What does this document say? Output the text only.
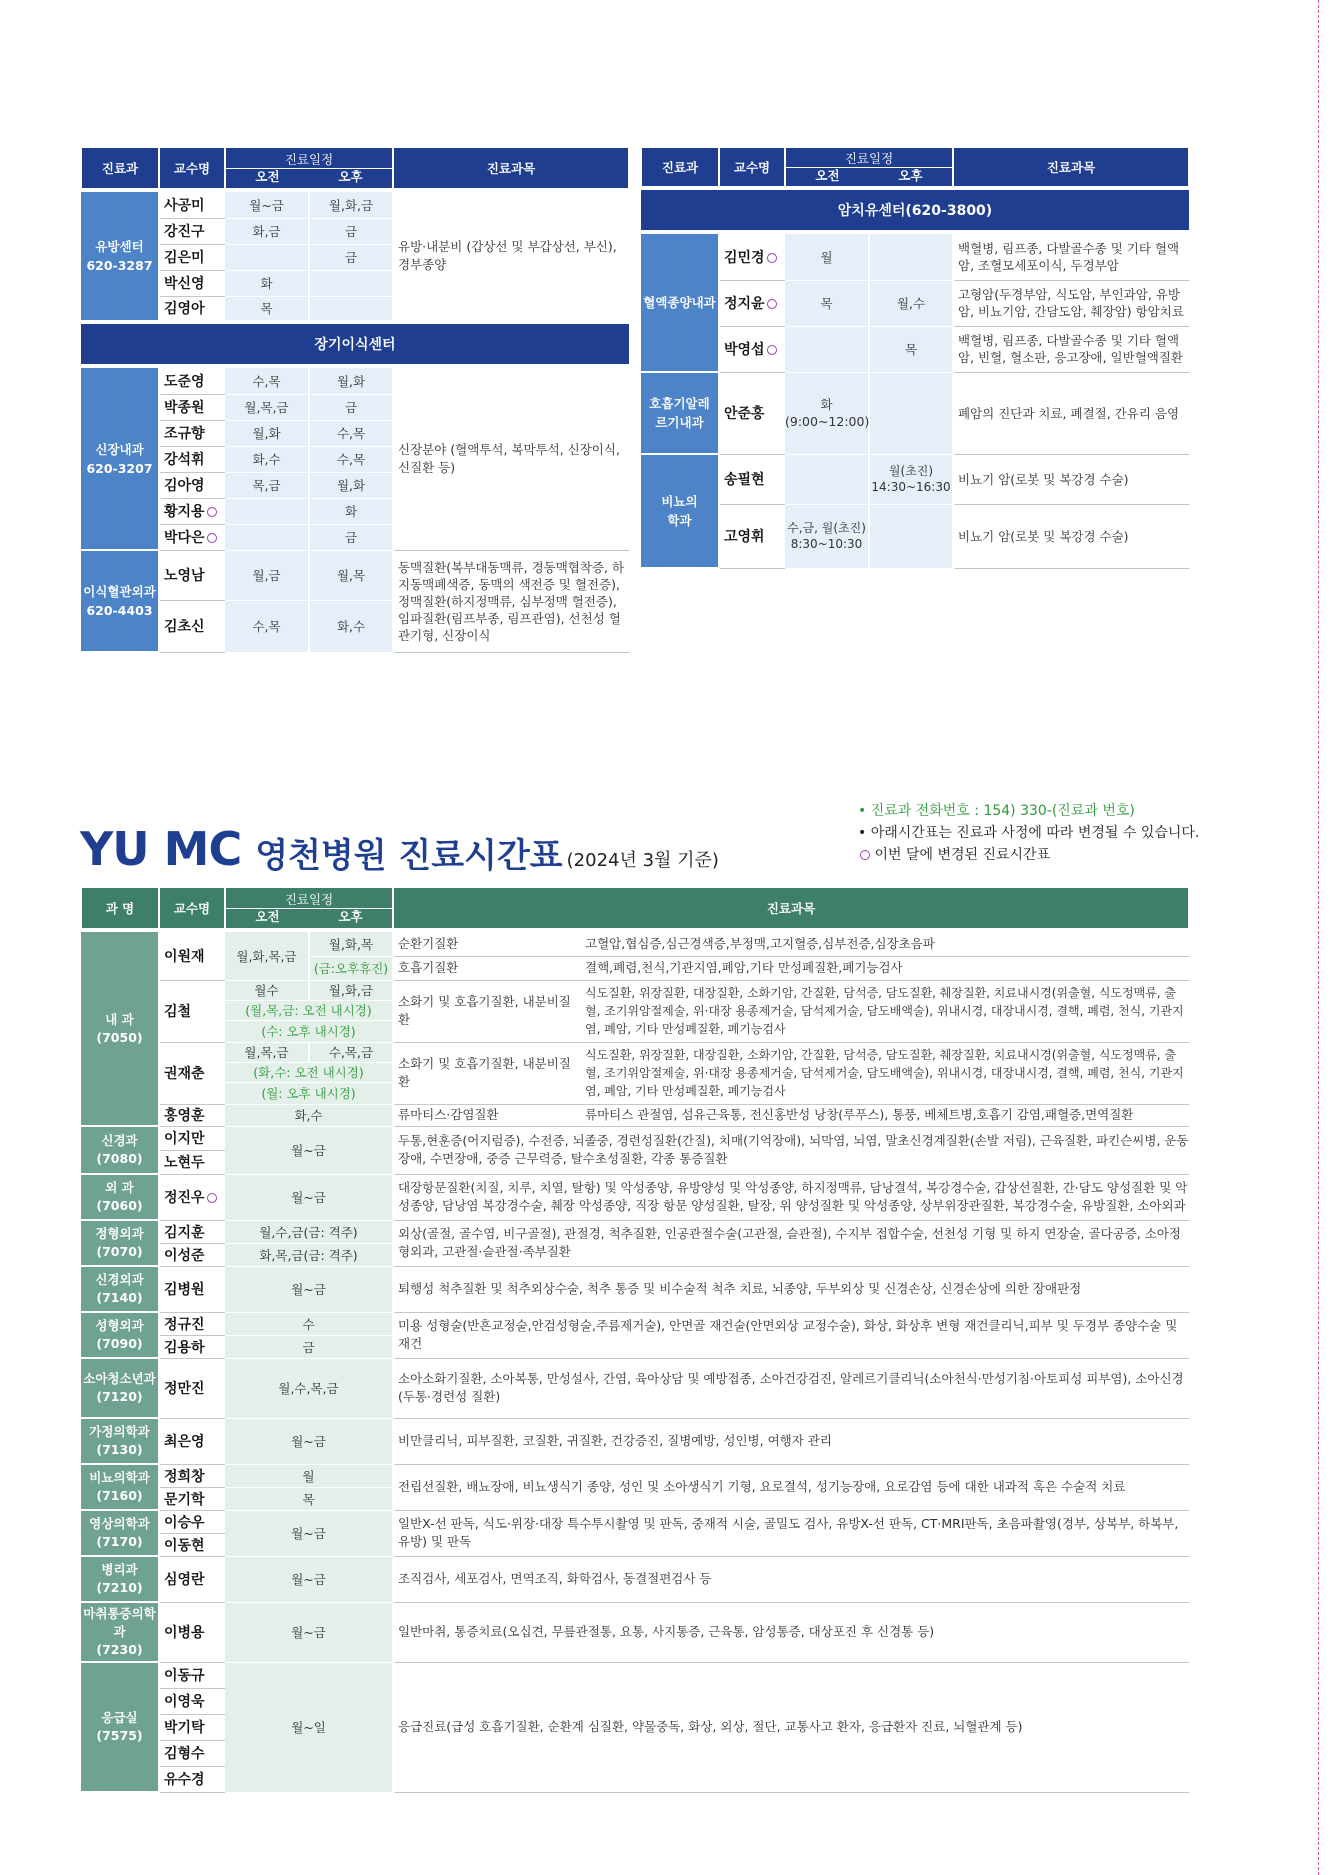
진료과	교수명	진료일정
오전 오후		진료과목

유방센터
620-3287	사공미	월~금	월,화,금	유방·내분비 (갑상선 및 부갑상선, 부신), 경부종양
	강진구	화,금	금	
	김은미		금	
	박신영	화		
	김영아	목		
장기이식센터				

신장내과
620-3207	도준영	수,목	월,화	신장분야 (혈액투석, 복막투석, 신장이식, 신질환 등)
	박종원	월,목,금	금	
	조규향	월,화	수,목	
	강석휘	화,수	수,목	
	김아영	목,금	월,화	
	황지용		화	
	박다은		금	

이식혈관외과
620-4403	노영남	월,금	월,목	동맥질환(복부대동맥류, 경동맥협착증, 하지동맥폐색증, 동맥의 색전증 및 혈전증), 정맥질환(하지정맥류, 심부정맥 혈전증), 임파질환(림프부종, 림프관염), 선천성 혈관기형, 신장이식
	김초신	수,목	화,수	
진료과	교수명	진료일정
오전 오후		진료과목
암치유센터(620-3800)				

혈액종양내과	김민경	월		백혈병, 림프종, 다발골수종 및 기타 혈액암, 조혈모세포이식, 두경부암
	정지윤	목	월,수	고형암(두경부암, 식도암, 부인과암, 유방암, 비뇨기암, 간담도암, 췌장암) 항암치료
	박영섭		목	백혈병, 림프종, 다발골수종 및 기타 혈액암, 빈혈, 혈소판, 응고장애, 일반혈액질환
호흡기알레르기내과	안준홍	화 (9:00~12:00)		폐암의 진단과 치료, 폐결절, 간유리 음영
비뇨의학과	송필현		월(초진) 14:30~16:30	비뇨기 암(로봇 및 복강경 수술)
	고영휘	수,금, 월(초진) 8:30~10:30		비뇨기 암(로봇 및 복강경 수술)
YU MC 영천병원 진료시간표 (2024년 3월 기준)
• 진료과 전화번호 : 154) 330-(진료과 번호)
• 아래시간표는 진료과 사정에 따라 변경될 수 있습니다.
이번 달에 변경된 진료시간표
과 명	교수명	진료일정
오전 오후		진료과목	

내 과
(7050)	이원재	월,화,목,금	월,화,목	순환기질환	고혈압,협심증,심근경색증,부정맥,고지혈증,심부전증,심장초음파
			(금:오후휴진)	호흡기질환	결핵,폐렴,천식,기관지염,폐암,기타 만성폐질환,폐기능검사
	김철	월수	월,화,금	소화기 및 호흡기질환, 내분비질환	식도질환, 위장질환, 대장질환, 소화기암, 간질환, 담석증, 담도질환, 췌장질환, 치료내시경(위출혈, 식도정맥류, 출혈, 조기위암절제술, 위·대장 용종제거술, 담석제거술, 담도배액술), 위내시경, 대장내시경, 결핵, 폐렴, 천식, 기관지염, 폐암, 기타 만성폐질환, 폐기능검사
		(월,목,금: 오전 내시경)			
		(수: 오후 내시경)			
	권재춘	월,목,금	수,목,금	소화기 및 호흡기질환, 내분비질환	식도질환, 위장질환, 대장질환, 소화기암, 간질환, 담석증, 담도질환, 췌장질환, 치료내시경(위출혈, 식도정맥류, 출혈, 조기위암절제술, 위·대장 용종제거술, 담석제거술, 담도배액술), 위내시경, 대장내시경, 결핵, 폐렴, 천식, 기관지염, 폐암, 기타 만성폐질환, 폐기능검사
		(화,수: 오전 내시경)			
		(월: 오후 내시경)			
	홍영훈	화,수		류마티스·감염질환	류마티스 관절염, 섬유근육통, 전신홍반성 낭창(루푸스), 통풍, 베체트병,호흡기 감염,패혈증,면역질환

신경과
(7080)	이지만	월~금		두통,현훈증(어지럼증), 수전증, 뇌졸중, 경련성질환(간질), 치매(기억장애), 뇌막염, 뇌염, 말초신경계질환(손발 저림), 근육질환, 파킨슨씨병, 운동장애, 수면장애, 중증 근무력증, 탈수초성질환, 각종 통증질환	
	노현두				

외 과
(7060)	정진우	월~금		대장항문질환(치질, 치루, 치열, 탈항) 및 악성종양, 유방양성 및 악성종양, 하지정맥류, 담낭결석, 복강경수술, 갑상선질환, 간·담도 양성질환 및 악성종양, 담낭염 복강경수술, 췌장 악성종양, 직장 항문 양성질환, 탈장, 위 양성질환 및 악성종양, 상부위장관질환, 복강경수술, 유방질환, 소아외과	

정형외과
(7070)	김지훈	월,수,금(금: 격주)		외상(골절, 골수염, 비구골절), 관절경, 척추질환, 인공관절수술(고관절, 슬관절), 수지부 접합수술, 선천성 기형 및 하지 연장술, 골다공증, 소아정형외과, 고관절·슬관절·족부질환	
	이성준	화,목,금(금: 격주)			

신경외과
(7140)	김병원	월~금		퇴행성 척추질환 및 척추외상수술, 척추 통증 및 비수술적 척추 치료, 뇌종양, 두부외상 및 신경손상, 신경손상에 의한 장애판정	

성형외과
(7090)	정규진	수		미용 성형술(반흔교정술,안검성형술,주름제거술), 안면골 재건술(안면외상 교정수술), 화상, 화상후 변형 재건클리닉,피부 및 두경부 종양수술 및 재건	
	김용하	금			

소아청소년과
(7120)	정만진	월,수,목,금		소아소화기질환, 소아복통, 만성설사, 간염, 육아상담 및 예방접종, 소아건강검진, 알레르기클리닉(소아천식·만성기침·아토피성 피부염), 소아신경(두통·경련성 질환)	

가정의학과
(7130)	최은영	월~금		비만클리닉, 피부질환, 코질환, 귀질환, 건강증진, 질병예방, 성인병, 여행자 관리	

비뇨의학과
(7160)	정희창	월		전립선질환, 배뇨장애, 비뇨생식기 종양, 성인 및 소아생식기 기형, 요로결석, 성기능장애, 요로감염 등에 대한 내과적 혹은 수술적 치료	
	문기학	목			

영상의학과
(7170)	이승우	월~금		일반X-선 판독, 식도·위장·대장 특수투시촬영 및 판독, 중재적 시술, 골밀도 검사, 유방X-선 판독, CT·MRI판독, 초음파촬영(경부, 상복부, 하복부, 유방) 및 판독	
	이동현				

병리과
(7210)	심영란	월~금		조직검사, 세포검사, 면역조직, 화학검사, 동결절편검사 등	

마취통증의학과
(7230)	이병용	월~금		일반마취, 통증치료(오십견, 무릎관절통, 요통, 사지통증, 근육통, 암성통증, 대상포진 후 신경통 등)	

응급실
(7575)	이동규	월~일		응급진료(급성 호흡기질환, 순환계 심질환, 약물중독, 화상, 외상, 절단, 교통사고 환자, 응급환자 진료, 뇌혈관계 등)	
	이영욱				
	박기탁				
	김형수				
	유수경				
